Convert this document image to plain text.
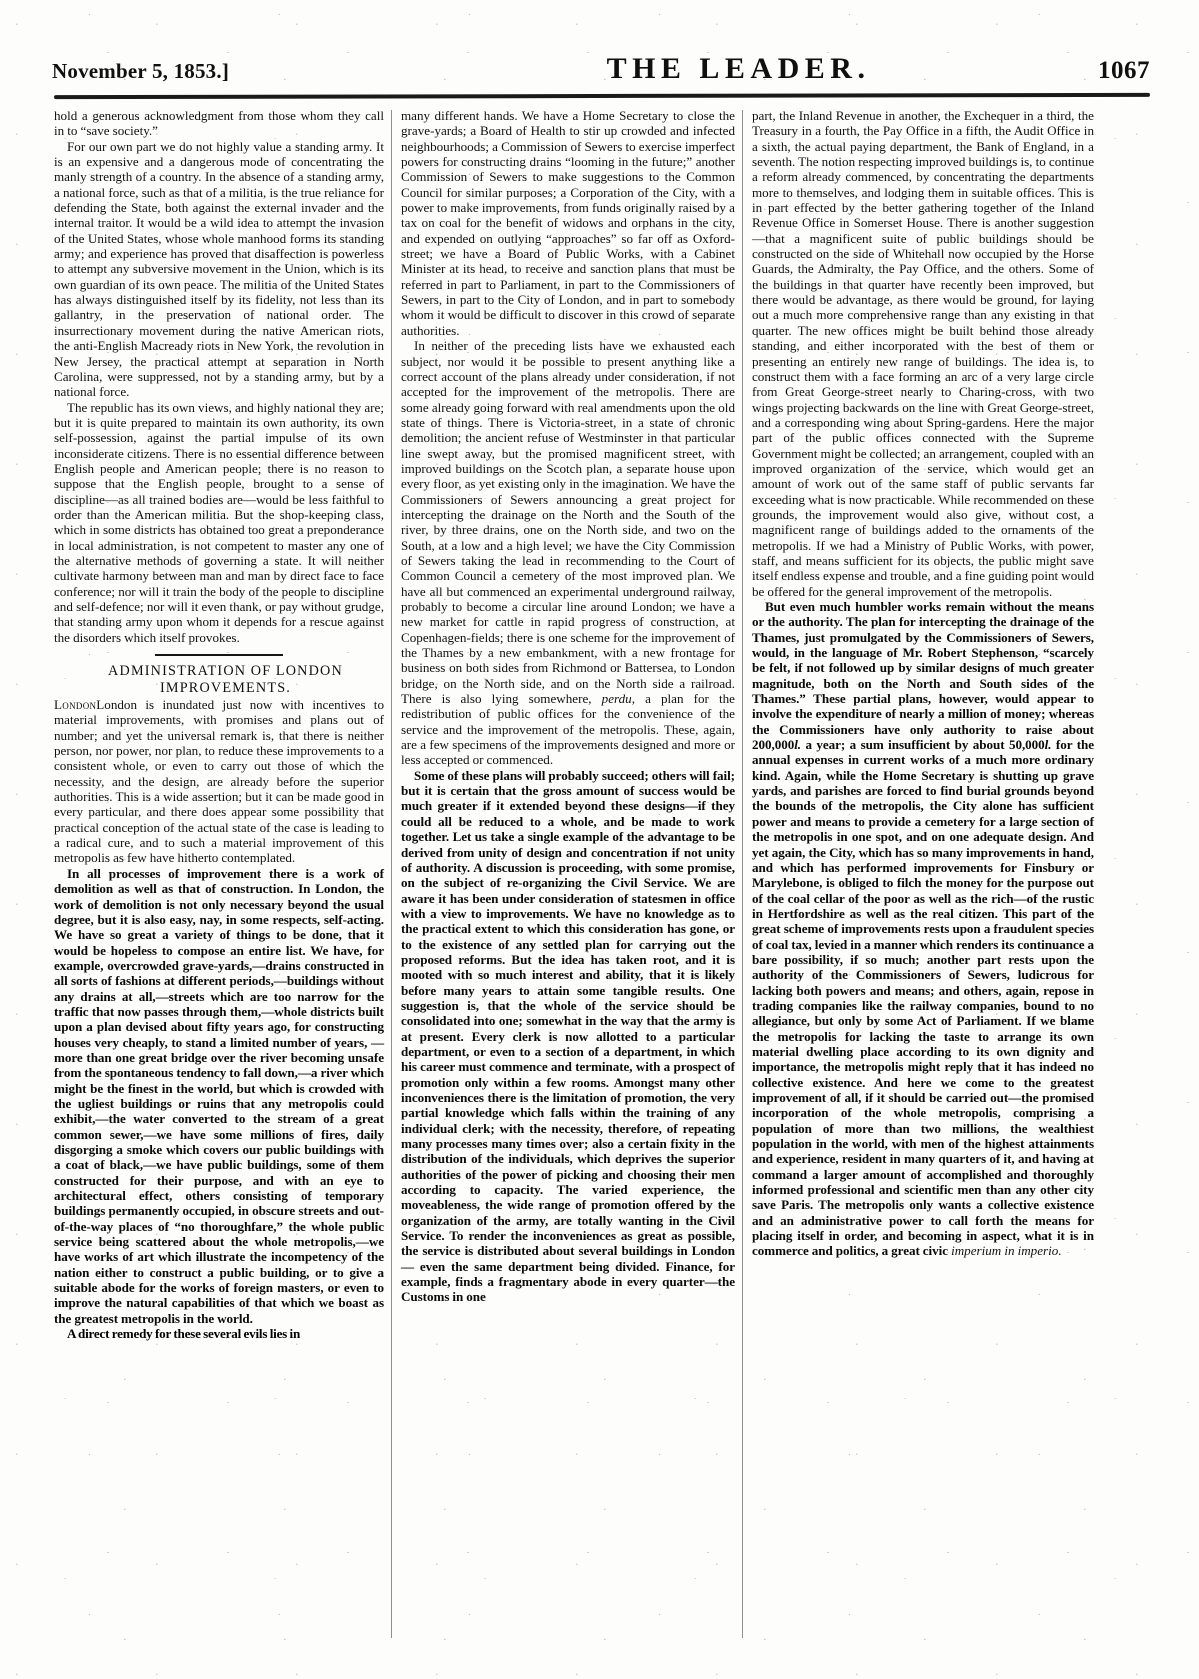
November 5, 1853.]	THE LEADER.	1067

hold a generous acknowledgment from those whom they call in to “save society.”

For our own part we do not highly value a standing army. It is an expensive and a dangerous mode of concentrating the manly strength of a country. In the absence of a standing army, a national force, such as that of a militia, is the true reliance for defending the State, both against the external invader and the internal traitor. It would be a wild idea to attempt the invasion of the United States, whose whole manhood forms its standing army; and experience has proved that disaffection is powerless to attempt any subversive movement in the Union, which is its own guardian of its own peace. The militia of the United States has always distinguished itself by its fidelity, not less than its gallantry, in the preservation of national order. The insurrectionary movement during the native American riots, the anti-English Macready riots in New York, the revolution in New Jersey, the practical attempt at separation in North Carolina, were suppressed, not by a standing army, but by a national force.

The republic has its own views, and highly national they are; but it is quite prepared to maintain its own authority, its own self-possession, against the partial impulse of its own inconsiderate citizens. There is no essential difference between English people and American people; there is no reason to suppose that the English people, brought to a sense of discipline—as all trained bodies are—would be less faithful to order than the American militia. But the shop-keeping class, which in some districts has obtained too great a preponderance in local administration, is not competent to master any one of the alternative methods of governing a state. It will neither cultivate harmony between man and man by direct face to face conference; nor will it train the body of the people to discipline and self-defence; nor will it even thank, or pay without grudge, that standing army upon whom it depends for a rescue against the disorders which itself provokes.

ADMINISTRATION OF LONDON

IMPROVEMENTS.

LondonLondon is inundated just now with incentives to material improvements, with promises and plans out of number; and yet the universal remark is, that there is neither person, nor power, nor plan, to reduce these improvements to a consistent whole, or even to carry out those of which the necessity, and the design, are already before the superior authorities. This is a wide assertion; but it can be made good in every particular, and there does appear some possibility that practical conception of the actual state of the case is leading to a radical cure, and to such a material improvement of this metropolis as few have hitherto contemplated.

In all processes of improvement there is a work of demolition as well as that of construction. In London, the work of demolition is not only necessary beyond the usual degree, but it is also easy, nay, in some respects, self-acting. We have so great a variety of things to be done, that it would be hopeless to compose an entire list. We have, for example, overcrowded grave-yards,—drains constructed in all sorts of fashions at different periods,—buildings without any drains at all,—streets which are too narrow for the traffic that now passes through them,—whole districts built upon a plan devised about fifty years ago, for constructing houses very cheaply, to stand a limited number of years, —more than one great bridge over the river becoming unsafe from the spontaneous tendency to fall down,—a river which might be the finest in the world, but which is crowded with the ugliest buildings or ruins that any metropolis could exhibit,—the water converted to the stream of a great common sewer,—we have some millions of fires, daily disgorging a smoke which covers our public buildings with a coat of black,—we have public buildings, some of them constructed for their purpose, and with an eye to architectural effect, others consisting of temporary buildings permanently occupied, in obscure streets and out-of-the-way places of “no thoroughfare,” the whole public service being scattered about the whole metropolis,—we have works of art which illustrate the incompetency of the nation either to construct a public building, or to give a suitable abode for the works of foreign masters, or even to improve the natural capabilities of that which we boast as the greatest metropolis in the world.

A direct remedy for these several evils lies in

many different hands. We have a Home Secretary to close the grave-yards; a Board of Health to stir up crowded and infected neighbourhoods; a Commission of Sewers to exercise imperfect powers for constructing drains “looming in the future;” another Commission of Sewers to make suggestions to the Common Council for similar purposes; a Corporation of the City, with a power to make improvements, from funds originally raised by a tax on coal for the benefit of widows and orphans in the city, and expended on outlying “approaches” so far off as Oxford-street; we have a Board of Public Works, with a Cabinet Minister at its head, to receive and sanction plans that must be referred in part to Parliament, in part to the Commissioners of Sewers, in part to the City of London, and in part to somebody whom it would be difficult to discover in this crowd of separate authorities.

In neither of the preceding lists have we exhausted each subject, nor would it be possible to present anything like a correct account of the plans already under consideration, if not accepted for the improvement of the metropolis. There are some already going forward with real amendments upon the old state of things. There is Victoria-street, in a state of chronic demolition; the ancient refuse of Westminster in that particular line swept away, but the promised magnificent street, with improved buildings on the Scotch plan, a separate house upon every floor, as yet existing only in the imagination. We have the Commissioners of Sewers announcing a great project for intercepting the drainage on the North and the South of the river, by three drains, one on the North side, and two on the South, at a low and a high level; we have the City Commission of Sewers taking the lead in recommending to the Court of Common Council a cemetery of the most improved plan. We have all but commenced an experimental underground railway, probably to become a circular line around London; we have a new market for cattle in rapid progress of construction, at Copenhagen-fields; there is one scheme for the improvement of the Thames by a new embankment, with a new frontage for business on both sides from Richmond or Battersea, to London bridge, on the North side, and on the North side a railroad. There is also lying somewhere, perdu, a plan for the redistribution of public offices for the convenience of the service and the improvement of the metropolis. These, again, are a few specimens of the improvements designed and more or less accepted or commenced.

Some of these plans will probably succeed; others will fail; but it is certain that the gross amount of success would be much greater if it extended beyond these designs—if they could all be reduced to a whole, and be made to work together. Let us take a single example of the advantage to be derived from unity of design and concentration if not unity of authority. A discussion is proceeding, with some promise, on the subject of re-organizing the Civil Service. We are aware it has been under consideration of statesmen in office with a view to improvements. We have no knowledge as to the practical extent to which this consideration has gone, or to the existence of any settled plan for carrying out the proposed reforms. But the idea has taken root, and it is mooted with so much interest and ability, that it is likely before many years to attain some tangible results. One suggestion is, that the whole of the service should be consolidated into one; somewhat in the way that the army is at present. Every clerk is now allotted to a particular department, or even to a section of a department, in which his career must commence and terminate, with a prospect of promotion only within a few rooms. Amongst many other inconveniences there is the limitation of promotion, the very partial knowledge which falls within the training of any individual clerk; with the necessity, therefore, of repeating many processes many times over; also a certain fixity in the distribution of the individuals, which deprives the superior authorities of the power of picking and choosing their men according to capacity. The varied experience, the moveableness, the wide range of promotion offered by the organization of the army, are totally wanting in the Civil Service. To render the inconveniences as great as possible, the service is distributed about several buildings in London — even the same department being divided. Finance, for example, finds a fragmentary abode in every quarter—the Customs in one

part, the Inland Revenue in another, the Exchequer in a third, the Treasury in a fourth, the Pay Office in a fifth, the Audit Office in a sixth, the actual paying department, the Bank of England, in a seventh. The notion respecting improved buildings is, to continue a reform already commenced, by concentrating the departments more to themselves, and lodging them in suitable offices. This is in part effected by the better gathering together of the Inland Revenue Office in Somerset House. There is another suggestion —that a magnificent suite of public buildings should be constructed on the side of Whitehall now occupied by the Horse Guards, the Admiralty, the Pay Office, and the others. Some of the buildings in that quarter have recently been improved, but there would be advantage, as there would be ground, for laying out a much more comprehensive range than any existing in that quarter. The new offices might be built behind those already standing, and either incorporated with the best of them or presenting an entirely new range of buildings. The idea is, to construct them with a face forming an arc of a very large circle from Great George-street nearly to Charing-cross, with two wings projecting backwards on the line with Great George-street, and a corresponding wing about Spring-gardens. Here the major part of the public offices connected with the Supreme Government might be collected; an arrangement, coupled with an improved organization of the service, which would get an amount of work out of the same staff of public servants far exceeding what is now practicable. While recommended on these grounds, the improvement would also give, without cost, a magnificent range of buildings added to the ornaments of the metropolis. If we had a Ministry of Public Works, with power, staff, and means sufficient for its objects, the public might save itself endless expense and trouble, and a fine guiding point would be offered for the general improvement of the metropolis.

But even much humbler works remain without the means or the authority. The plan for intercepting the drainage of the Thames, just promulgated by the Commissioners of Sewers, would, in the language of Mr. Robert Stephenson, “scarcely be felt, if not followed up by similar designs of much greater magnitude, both on the North and South sides of the Thames.” These partial plans, however, would appear to involve the expenditure of nearly a million of money; whereas the Commissioners have only authority to raise about 200,000l. a year; a sum insufficient by about 50,000l. for the annual expenses in current works of a much more ordinary kind. Again, while the Home Secretary is shutting up grave yards, and parishes are forced to find burial grounds beyond the bounds of the metropolis, the City alone has sufficient power and means to provide a cemetery for a large section of the metropolis in one spot, and on one adequate design. And yet again, the City, which has so many improvements in hand, and which has performed improvements for Finsbury or Marylebone, is obliged to filch the money for the purpose out of the coal cellar of the poor as well as the rich—of the rustic in Hertfordshire as well as the real citizen. This part of the great scheme of improvements rests upon a fraudulent species of coal tax, levied in a manner which renders its continuance a bare possibility, if so much; another part rests upon the authority of the Commissioners of Sewers, ludicrous for lacking both powers and means; and others, again, repose in trading companies like the railway companies, bound to no allegiance, but only by some Act of Parliament. If we blame the metropolis for lacking the taste to arrange its own material dwelling place according to its own dignity and importance, the metropolis might reply that it has indeed no collective existence. And here we come to the greatest improvement of all, if it should be carried out—the promised incorporation of the whole metropolis, comprising a population of more than two millions, the wealthiest population in the world, with men of the highest attainments and experience, resident in many quarters of it, and having at command a larger amount of accomplished and thoroughly informed professional and scientific men than any other city save Paris. The metropolis only wants a collective existence and an administrative power to call forth the means for placing itself in order, and becoming in aspect, what it is in commerce and politics, a great civic imperium in imperio.
